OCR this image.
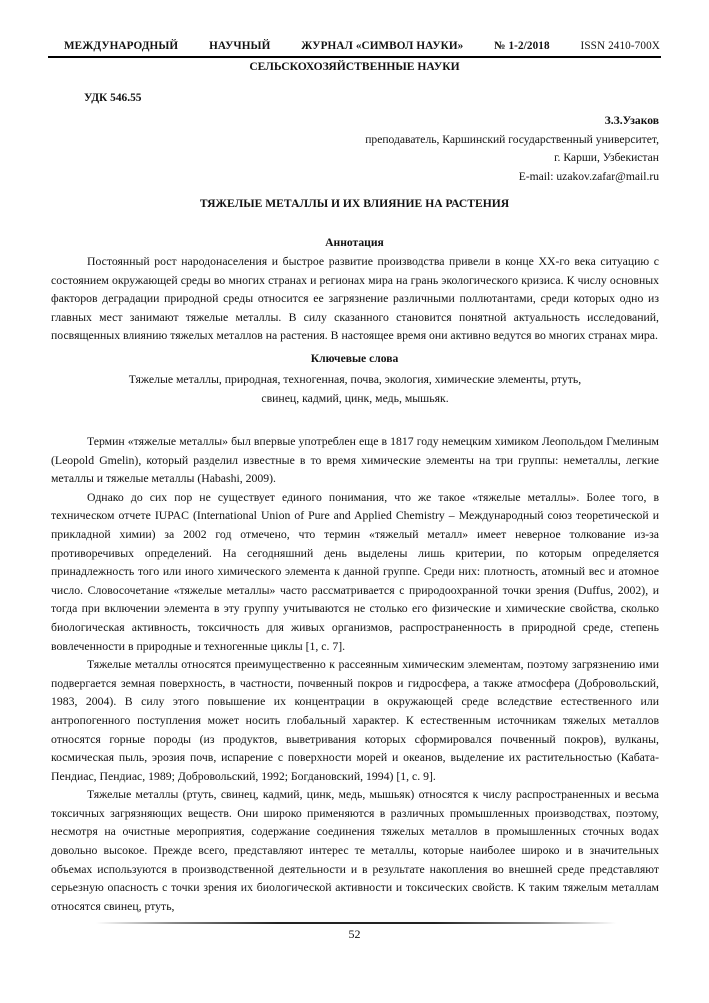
МЕЖДУНАРОДНЫЙ	НАУЧНЫЙ	ЖУРНАЛ «СИМВОЛ НАУКИ»	№ 1-2/2018	ISSN 2410-700X
СЕЛЬСКОХОЗЯЙСТВЕННЫЕ НАУКИ
УДК 546.55
З.З.Узаков
преподаватель, Каршинский государственный университет,
г. Карши, Узбекистан
E-mail: uzakov.zafar@mail.ru
ТЯЖЕЛЫЕ МЕТАЛЛЫ И ИХ ВЛИЯНИЕ НА РАСТЕНИЯ
Аннотация

Постоянный рост народонаселения и быстрое развитие производства привели в конце XX-го века ситуацию с состоянием окружающей среды во многих странах и регионах мира на грань экологического кризиса. К числу основных факторов деградации природной среды относится ее загрязнение различными поллютантами, среди которых одно из главных мест занимают тяжелые металлы. В силу сказанного становится понятной актуальность исследований, посвященных влиянию тяжелых металлов на растения. В настоящее время они активно ведутся во многих странах мира.

Ключевые слова
Тяжелые металлы, природная, техногенная, почва, экология, химические элементы, ртуть,
свинец, кадмий, цинк, медь, мышьяк.

Термин «тяжелые металлы» был впервые употреблен еще в 1817 году немецким химиком Леопольдом Гмелиным (Leopold Gmelin), который разделил известные в то время химические элементы на три группы: неметаллы, легкие металлы и тяжелые металлы (Habashi, 2009).

Однако до сих пор не существует единого понимания, что же такое «тяжелые металлы». Более того, в техническом отчете IUPAC (International Union of Pure and Applied Chemistry – Международный союз теоретической и прикладной химии) за 2002 год отмечено, что термин «тяжелый металл» имеет неверное толкование из-за противоречивых определений. На сегодняшний день выделены лишь критерии, по которым определяется принадлежность того или иного химического элемента к данной группе. Среди них: плотность, атомный вес и атомное число. Словосочетание «тяжелые металлы» часто рассматривается с природоохранной точки зрения (Duffus, 2002), и тогда при включении элемента в эту группу учитываются не столько его физические и химические свойства, сколько биологическая активность, токсичность для живых организмов, распространенность в природной среде, степень вовлеченности в природные и техногенные циклы [1, с. 7].

Тяжелые металлы относятся преимущественно к рассеянным химическим элементам, поэтому загрязнению ими подвергается земная поверхность, в частности, почвенный покров и гидросфера, а также атмосфера (Добровольский, 1983, 2004). В силу этого повышение их концентрации в окружающей среде вследствие естественного или антропогенного поступления может носить глобальный характер. К естественным источникам тяжелых металлов относятся горные породы (из продуктов, выветривания которых сформировался почвенный покров), вулканы, космическая пыль, эрозия почв, испарение с поверхности морей и океанов, выделение их растительностью (Кабата-Пендиас, Пендиас, 1989; Добровольский, 1992; Богдановский, 1994) [1, с. 9].

Тяжелые металлы (ртуть, свинец, кадмий, цинк, медь, мышьяк) относятся к числу распространенных и весьма токсичных загрязняющих веществ. Они широко применяются в различных промышленных производствах, поэтому, несмотря на очистные мероприятия, содержание соединения тяжелых металлов в промышленных сточных водах довольно высокое. Прежде всего, представляют интерес те металлы, которые наиболее широко и в значительных объемах используются в производственной деятельности и в результате накопления во внешней среде представляют серьезную опасность с точки зрения их биологической активности и токсических свойств. К таким тяжелым металлам относятся свинец, ртуть,

52
